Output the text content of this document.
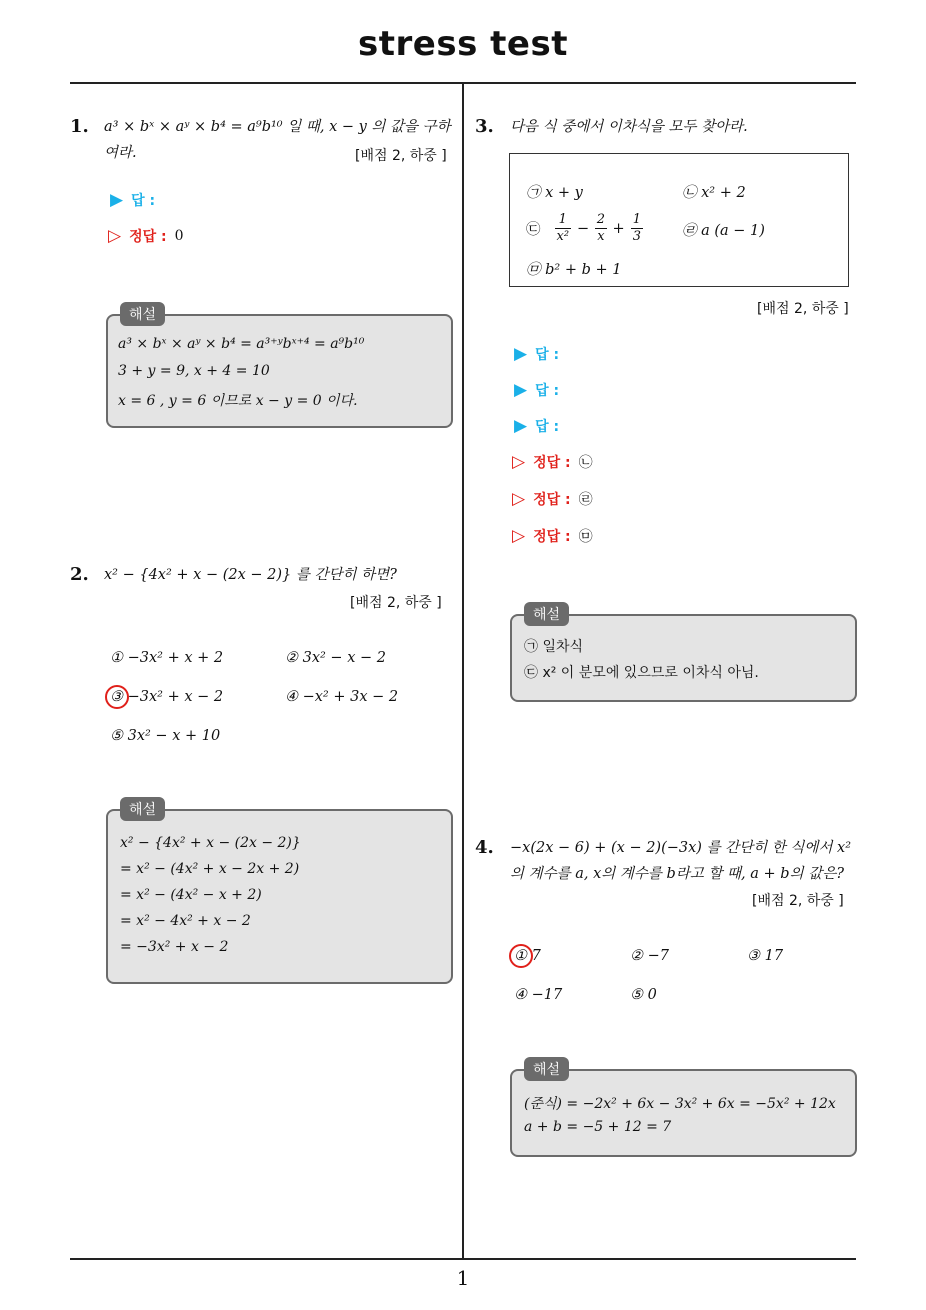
stress test
1
1. a³ × bˣ × aʸ × b⁴ = a⁹b¹⁰ 일 때, x − y 의 값을 구하
여라.	[배점 2, 하중 ]
▶ 답 :
▷ 정답 : 0
a³ × bˣ × aʸ × b⁴ = a³⁺ʸbˣ⁺⁴ = a⁹b¹⁰
3 + y = 9, x + 4 = 10
x = 6 , y = 6 이므로 x − y = 0 이다.
해설
2. x² − {4x² + x − (2x − 2)} 를 간단히 하면?
[배점 2, 하중 ]
① −3x² + x + 2	② 3x² − x − 2
③ −3x² + x − 2	④ −x² + 3x − 2
⑤ 3x² − x + 10
x² − {4x² + x − (2x − 2)}
= x² − (4x² + x − 2x + 2)
= x² − (4x² − x + 2)
= x² − 4x² + x − 2
= −3x² + x − 2
해설
3. 다음 식 중에서 이차식을 모두 찾아라.
㉠ x + y	㉡ x² + 2
㉢ $\frac{1}{\text{x²}} - \frac{2}{x} + \frac{1}{3}$	㉣ a (a − 1)
㉤ b² + b + 1
[배점 2, 하중 ]
▶ 답 :
▶ 답 :
▶ 답 :
▷ 정답 : ㉡
▷ 정답 : ㉣
▷ 정답 : ㉤
㉠ 일차식
㉢ x² 이 분모에 있으므로 이차식 아님.
해설
4. −x(2x − 6) + (x − 2)(−3x) 를 간단히 한 식에서 x²
의 계수를 a, x의 계수를 b라고 할 때, a + b의 값은?
[배점 2, 하중 ]
① 7	② −7	③ 17
④ −17	⑤ 0
(준식) = −2x² + 6x − 3x² + 6x = −5x² + 12x
a + b = −5 + 12 = 7
해설
